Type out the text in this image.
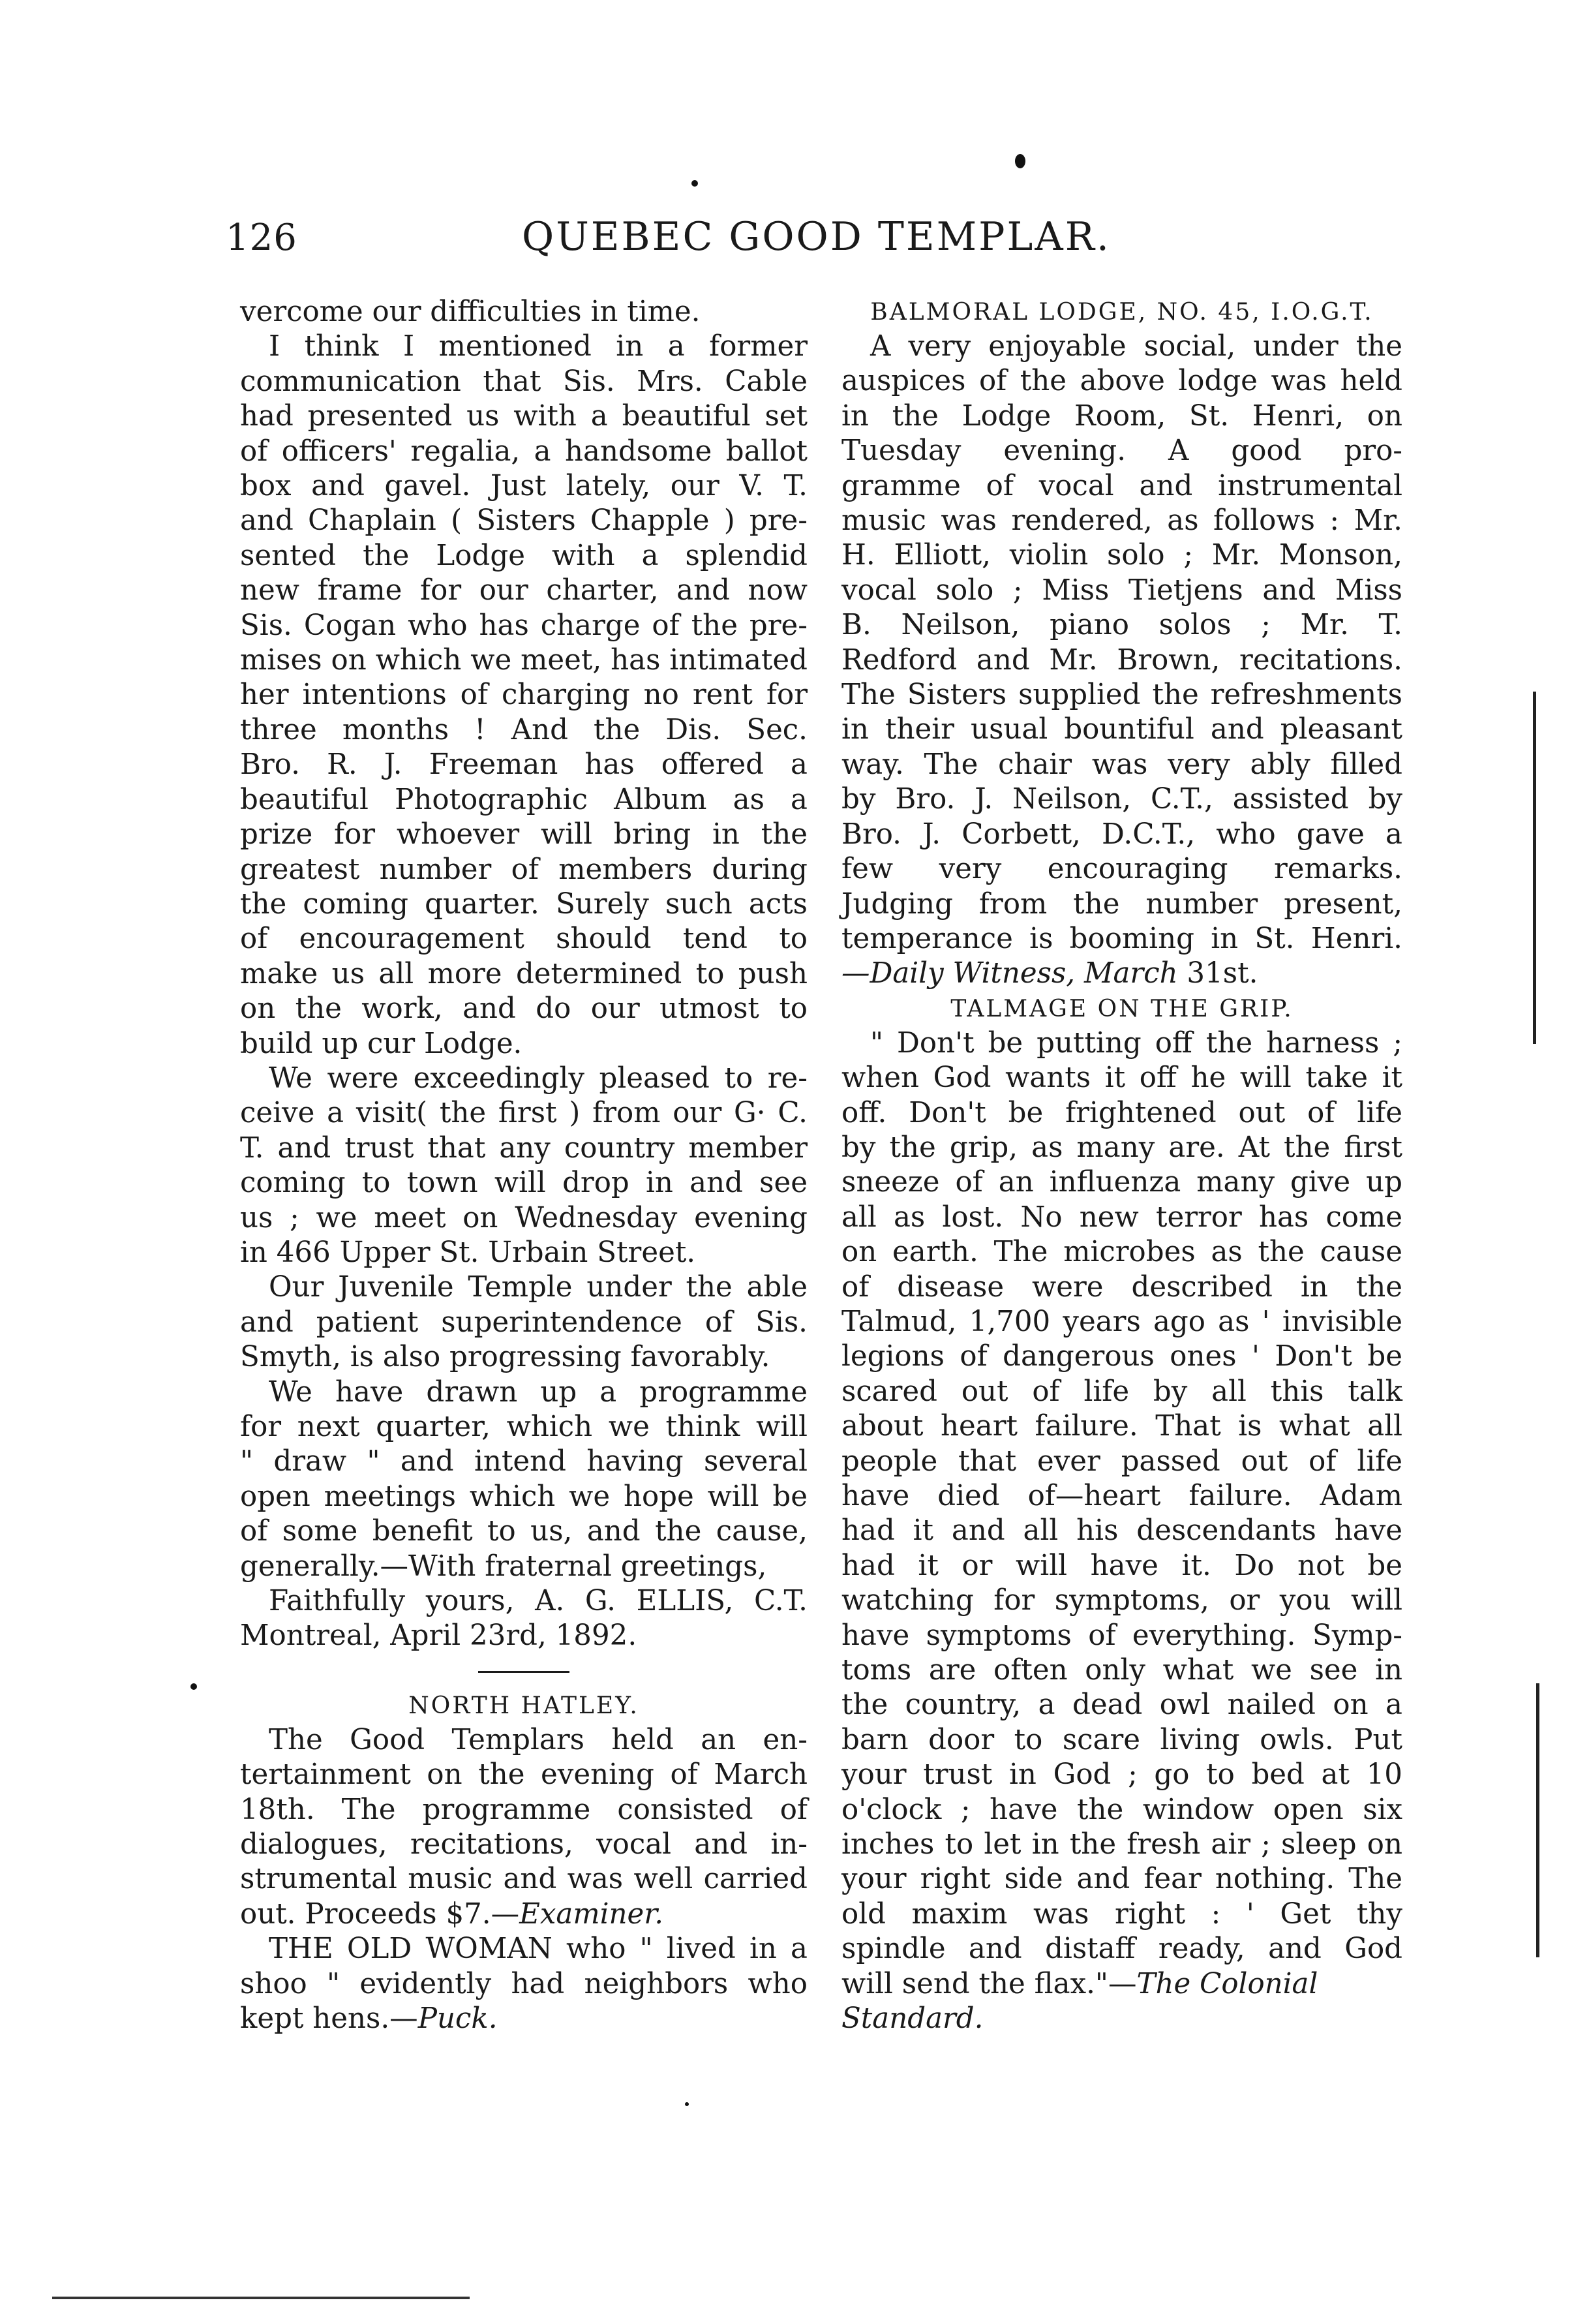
126	QUEBEC GOOD TEMPLAR.
vercome our difficulties in time.
I think I mentioned in a former
communication that Sis. Mrs. Cable
had presented us with a beautiful set
of officers' regalia, a handsome ballot
box and gavel. Just lately, our V. T.
and Chaplain ( Sisters Chapple ) pre-
sented the Lodge with a splendid
new frame for our charter, and now
Sis. Cogan who has charge of the pre-
mises on which we meet, has intimated
her intentions of charging no rent for
three months ! And the Dis. Sec.
Bro. R. J. Freeman has offered a
beautiful Photographic Album as a
prize for whoever will bring in the
greatest number of members during
the coming quarter. Surely such acts
of encouragement should tend to
make us all more determined to push
on the work, and do our utmost to
build up cur Lodge.
We were exceedingly pleased to re-
ceive a visit( the first ) from our G· C.
T. and trust that any country member
coming to town will drop in and see
us ; we meet on Wednesday evening
in 466 Upper St. Urbain Street.
Our Juvenile Temple under the able
and patient superintendence of Sis.
Smyth, is also progressing favorably.
We have drawn up a programme
for next quarter, which we think will
" draw " and intend having several
open meetings which we hope will be
of some benefit to us, and the cause,
generally.—With fraternal greetings,
Faithfully yours, A. G. ELLIS, C.T.
Montreal, April 23rd, 1892.
NORTH HATLEY.
The Good Templars held an en-
tertainment on the evening of March
18th. The programme consisted of
dialogues, recitations, vocal and in-
strumental music and was well carried
out. Proceeds $7.—Examiner.
THE OLD WOMAN who " lived in a
shoo " evidently had neighbors who
kept hens.—Puck.
BALMORAL LODGE, NO. 45, I.O.G.T.
A very enjoyable social, under the
auspices of the above lodge was held
in the Lodge Room, St. Henri, on
Tuesday evening. A good pro-
gramme of vocal and instrumental
music was rendered, as follows : Mr.
H. Elliott, violin solo ; Mr. Monson,
vocal solo ; Miss Tietjens and Miss
B. Neilson, piano solos ; Mr. T.
Redford and Mr. Brown, recitations.
The Sisters supplied the refreshments
in their usual bountiful and pleasant
way. The chair was very ably filled
by Bro. J. Neilson, C.T., assisted by
Bro. J. Corbett, D.C.T., who gave a
few very encouraging remarks.
Judging from the number present,
temperance is booming in St. Henri.
—Daily Witness, March 31st.
TALMAGE ON THE GRIP.
" Don't be putting off the harness ;
when God wants it off he will take it
off. Don't be frightened out of life
by the grip, as many are. At the first
sneeze of an influenza many give up
all as lost. No new terror has come
on earth. The microbes as the cause
of disease were described in the
Talmud, 1,700 years ago as ' invisible
legions of dangerous ones ' Don't be
scared out of life by all this talk
about heart failure. That is what all
people that ever passed out of life
have died of—heart failure. Adam
had it and all his descendants have
had it or will have it. Do not be
watching for symptoms, or you will
have symptoms of everything. Symp-
toms are often only what we see in
the country, a dead owl nailed on a
barn door to scare living owls. Put
your trust in God ; go to bed at 10
o'clock ; have the window open six
inches to let in the fresh air ; sleep on
your right side and fear nothing. The
old maxim was right : ' Get thy
spindle and distaff ready, and God
will send the flax."—The Colonial
Standard.
